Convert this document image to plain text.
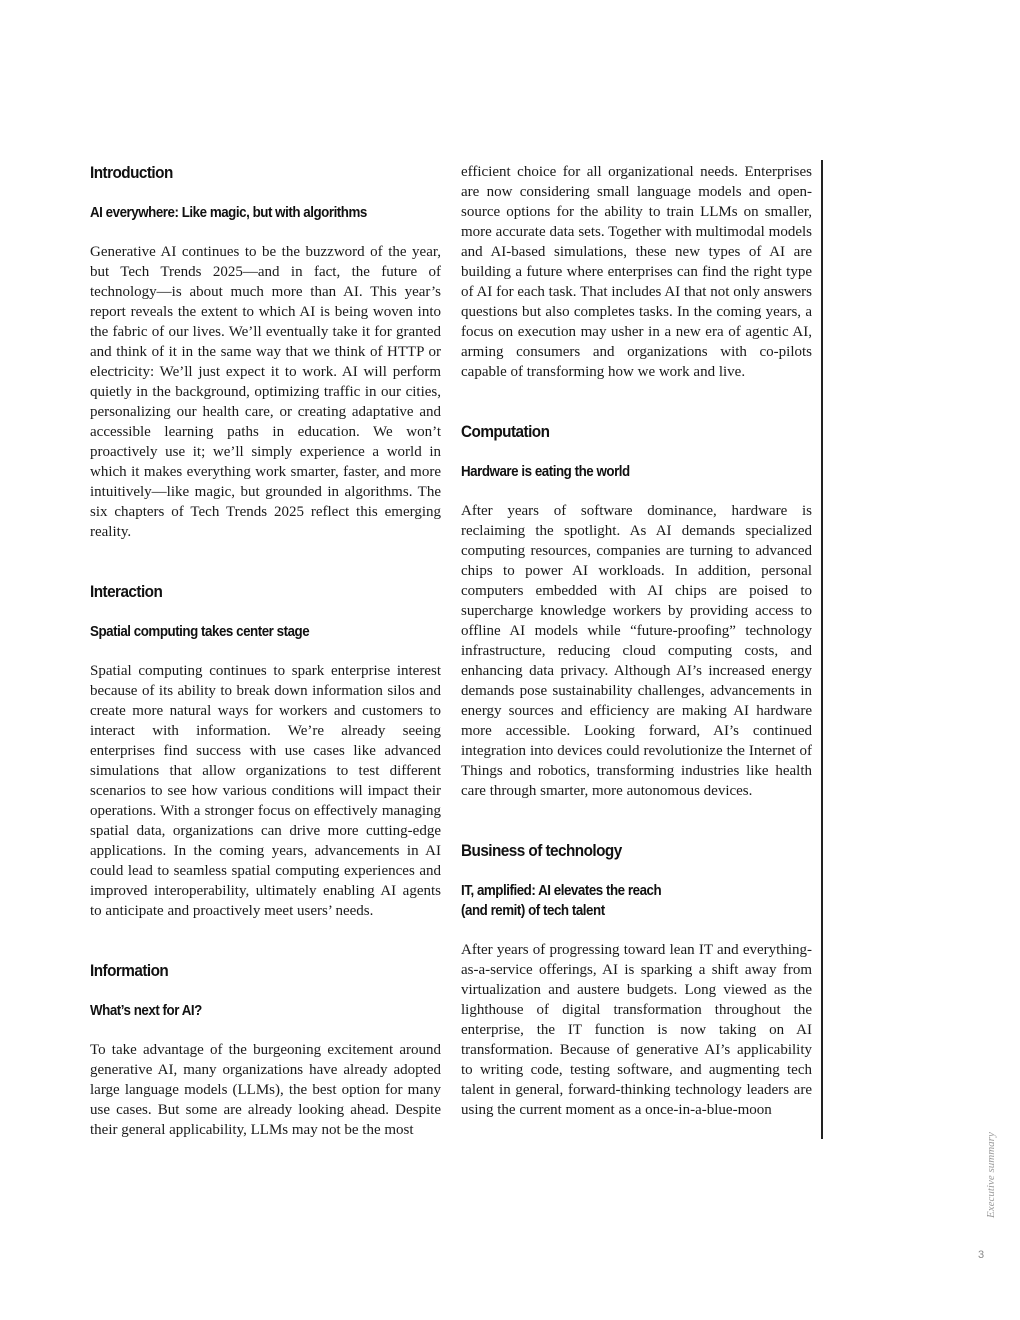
Introduction
AI everywhere: Like magic, but with algorithms

Generative AI continues to be the buzzword of the year, but Tech Trends 2025—and in fact, the future of technology—is about much more than AI. This year’s report reveals the extent to which AI is being woven into the fabric of our lives. We’ll eventually take it for granted and think of it in the same way that we think of HTTP or electricity: We’ll just expect it to work. AI will perform quietly in the background, optimizing traffic in our cities, personalizing our health care, or creating adaptative and accessible learning paths in education. We won’t proactively use it; we’ll simply experience a world in which it makes everything work smarter, faster, and more intuitively—like magic, but grounded in algorithms. The six chapters of Tech Trends 2025 reflect this emerging reality.

Interaction
Spatial computing takes center stage

Spatial computing continues to spark enterprise interest because of its ability to break down information silos and create more natural ways for workers and customers to interact with information. We’re already seeing enterprises find success with use cases like advanced simulations that allow organizations to test different scenarios to see how various conditions will impact their operations. With a stronger focus on effectively managing spatial data, organizations can drive more cutting-edge applications. In the coming years, advancements in AI could lead to seamless spatial computing experiences and improved interoperability, ultimately enabling AI agents to anticipate and proactively meet users’ needs.

Information
What’s next for AI?

To take advantage of the burgeoning excitement around generative AI, many organizations have already adopted large language models (LLMs), the best option for many use cases. But some are already looking ahead. Despite their general applicability, LLMs may not be the most

efficient choice for all organizational needs. Enterprises are now considering small language models and open-source options for the ability to train LLMs on smaller, more accurate data sets. Together with multimodal models and AI-based simulations, these new types of AI are building a future where enterprises can find the right type of AI for each task. That includes AI that not only answers questions but also completes tasks. In the coming years, a focus on execution may usher in a new era of agentic AI, arming consumers and organizations with co-pilots capable of transforming how we work and live.

Computation
Hardware is eating the world

After years of software dominance, hardware is reclaiming the spotlight. As AI demands specialized computing resources, companies are turning to advanced chips to power AI workloads. In addition, personal computers embedded with AI chips are poised to supercharge knowledge workers by providing access to offline AI models while “future-proofing” technology infrastructure, reducing cloud computing costs, and enhancing data privacy. Although AI’s increased energy demands pose sustainability challenges, advancements in energy sources and efficiency are making AI hardware more accessible. Looking forward, AI’s continued integration into devices could revolutionize the Internet of Things and robotics, transforming industries like health care through smarter, more autonomous devices.

Business of technology
IT, amplified: AI elevates the reach
(and remit) of tech talent

After years of progressing toward lean IT and everything-as-a-service offerings, AI is sparking a shift away from virtualization and austere budgets. Long viewed as the lighthouse of digital transformation throughout the enterprise, the IT function is now taking on AI transformation. Because of generative AI’s applicability to writing code, testing software, and augmenting tech talent in general, forward-thinking technology leaders are using the current moment as a once-in-a-blue-moon

Executive summary
3
